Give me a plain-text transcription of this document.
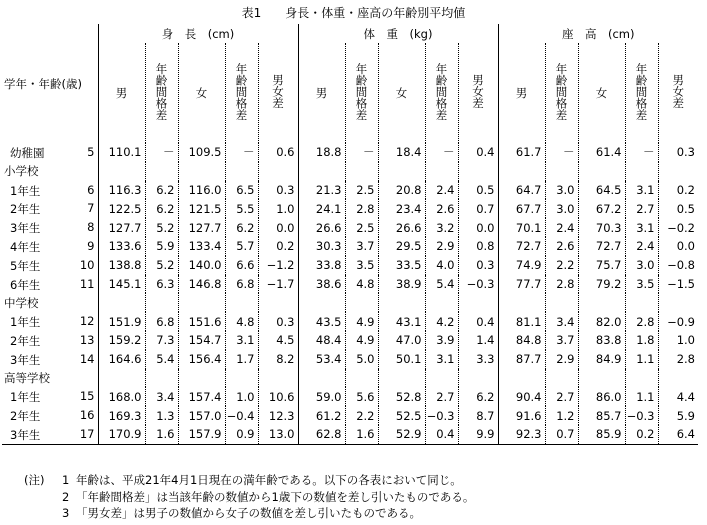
表1　　身長・体重・座高の年齢別平均値
学年・年齢(歳)	身　長　(cm)					体　重　(kg)					座　高　(cm)				
	男	年齢間格差	女	年齢間格差	男女差	男	年齢間格差	女	年齢間格差	男女差	男	年齢間格差	女	年齢間格差	男女差

幼稚園 5	110.1	－	109.5	－	0.6	18.8	－	18.4	－	0.4	61.7	－	61.4	－	0.3
小学校															

1年生 6	116.3	6.2	116.0	6.5	0.3	21.3	2.5	20.8	2.4	0.5	64.7	3.0	64.5	3.1	0.2

2年生 7	122.5	6.2	121.5	5.5	1.0	24.1	2.8	23.4	2.6	0.7	67.7	3.0	67.2	2.7	0.5

3年生 8	127.7	5.2	127.7	6.2	0.0	26.6	2.5	26.6	3.2	0.0	70.1	2.4	70.3	3.1	−0.2

4年生 9	133.6	5.9	133.4	5.7	0.2	30.3	3.7	29.5	2.9	0.8	72.7	2.6	72.7	2.4	0.0

5年生 10	138.8	5.2	140.0	6.6	−1.2	33.8	3.5	33.5	4.0	0.3	74.9	2.2	75.7	3.0	−0.8

6年生 11	145.1	6.3	146.8	6.8	−1.7	38.6	4.8	38.9	5.4	−0.3	77.7	2.8	79.2	3.5	−1.5
中学校															

1年生 12	151.9	6.8	151.6	4.8	0.3	43.5	4.9	43.1	4.2	0.4	81.1	3.4	82.0	2.8	−0.9

2年生 13	159.2	7.3	154.7	3.1	4.5	48.4	4.9	47.0	3.9	1.4	84.8	3.7	83.8	1.8	1.0

3年生 14	164.6	5.4	156.4	1.7	8.2	53.4	5.0	50.1	3.1	3.3	87.7	2.9	84.9	1.1	2.8
高等学校															

1年生 15	168.0	3.4	157.4	1.0	10.6	59.0	5.6	52.8	2.7	6.2	90.4	2.7	86.0	1.1	4.4

2年生 16	169.3	1.3	157.0	−0.4	12.3	61.2	2.2	52.5	−0.3	8.7	91.6	1.2	85.7	−0.3	5.9

3年生 17	170.9	1.6	157.9	0.9	13.0	62.8	1.6	52.9	0.4	9.9	92.3	0.7	85.9	0.2	6.4
(注) 1 年齢は、平成21年4月1日現在の満年齢である。以下の各表において同じ。
2 「年齢間格差」は当該年齢の数値から1歳下の数値を差し引いたものである。
3 「男女差」は男子の数値から女子の数値を差し引いたものである。
